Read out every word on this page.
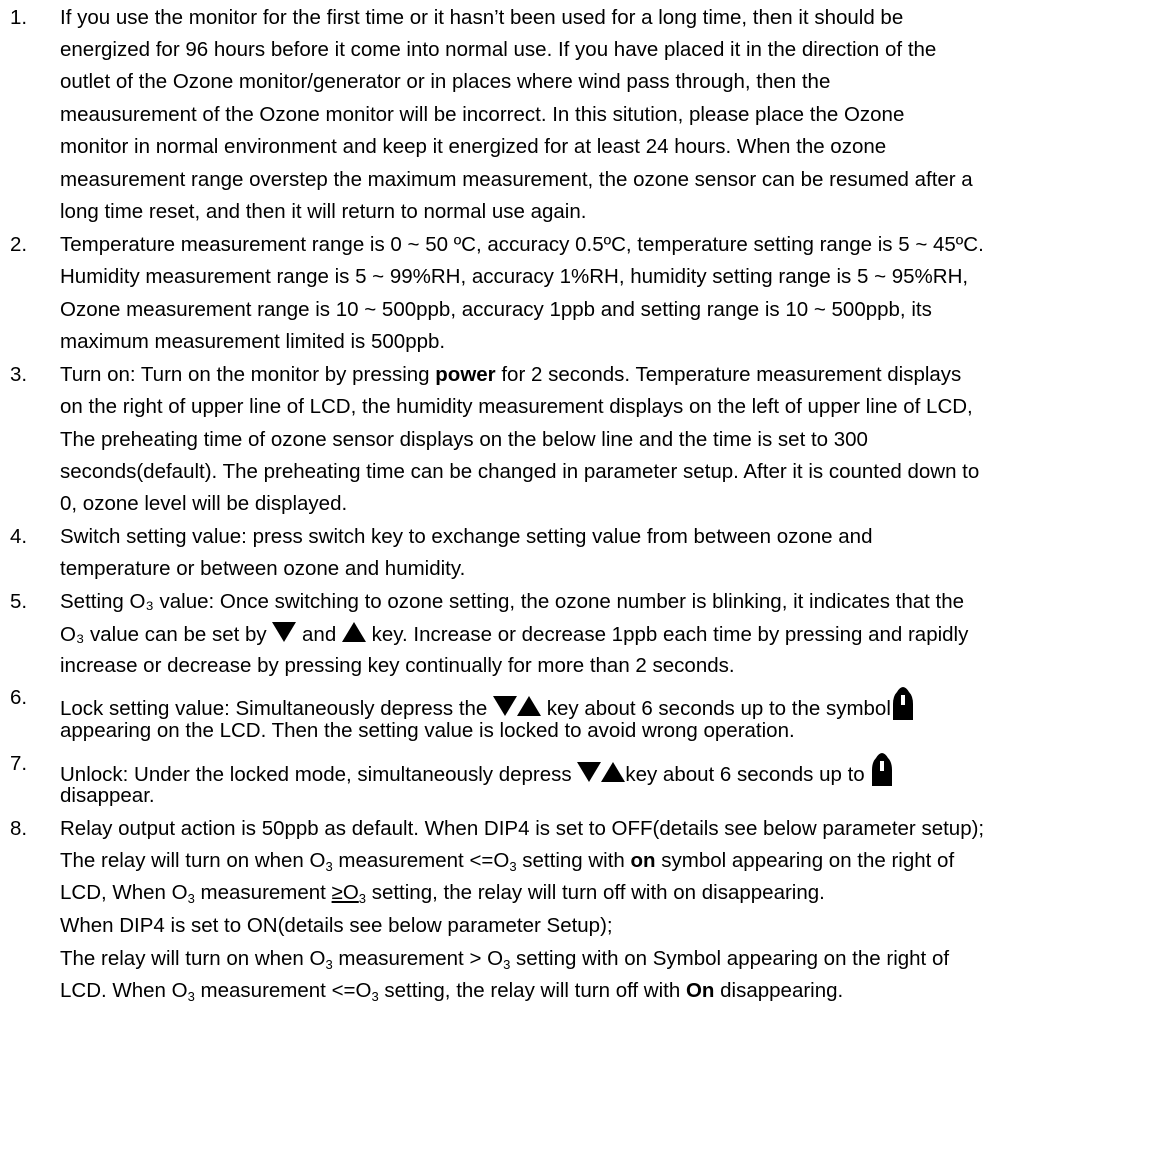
1. If you use the monitor for the first time or it hasn’t been used for a long time, then it should be
energized for 96 hours before it come into normal use. If you have placed it in the direction of the
outlet of the Ozone monitor/generator or in places where wind pass through, then the
meausurement of the Ozone monitor will be incorrect. In this sitution, please place the Ozone
monitor in normal environment and keep it energized for at least 24 hours. When the ozone
measurement range overstep the maximum measurement, the ozone sensor can be resumed after a
long time reset, and then it will return to normal use again.
2. Temperature measurement range is 0 ~ 50 ºC, accuracy 0.5ºC, temperature setting range is 5 ~ 45ºC.
Humidity measurement range is 5 ~ 99%RH, accuracy 1%RH, humidity setting range is 5 ~ 95%RH,
Ozone measurement range is 10 ~ 500ppb, accuracy 1ppb and setting range is 10 ~ 500ppb, its
maximum measurement limited is 500ppb.
3. Turn on: Turn on the monitor by pressing power for 2 seconds. Temperature measurement displays
on the right of upper line of LCD, the humidity measurement displays on the left of upper line of LCD,
The preheating time of ozone sensor displays on the below line and the time is set to 300
seconds(default). The preheating time can be changed in parameter setup. After it is counted down to
0, ozone level will be displayed.
4. Switch setting value: press switch key to exchange setting value from between ozone and
temperature or between ozone and humidity.
5. Setting O₃ value: Once switching to ozone setting, the ozone number is blinking, it indicates that the
O₃ value can be set by  and  key. Increase or decrease 1ppb each time by pressing and rapidly
increase or decrease by pressing key continually for more than 2 seconds.
6. Lock setting value: Simultaneously depress the  key about 6 seconds up to the symbol
appearing on the LCD. Then the setting value is locked to avoid wrong operation.
7. Unlock: Under the locked mode, simultaneously depress key about 6 seconds up to
disappear.
8. Relay output action is 50ppb as default. When DIP4 is set to OFF(details see below parameter setup);
The relay will turn on when $O_3$ measurement $<=O_3$ setting with on symbol appearing on the right of
LCD, When $O_3$ measurement $\ge O_3$ setting, the relay will turn off with on disappearing.
When DIP4 is set to ON(details see below parameter Setup);
The relay will turn on when $O_3$ measurement > $O_3$ setting with on Symbol appearing on the right of
LCD. When $O_3$ measurement $<=O_3$ setting, the relay will turn off with On disappearing.
